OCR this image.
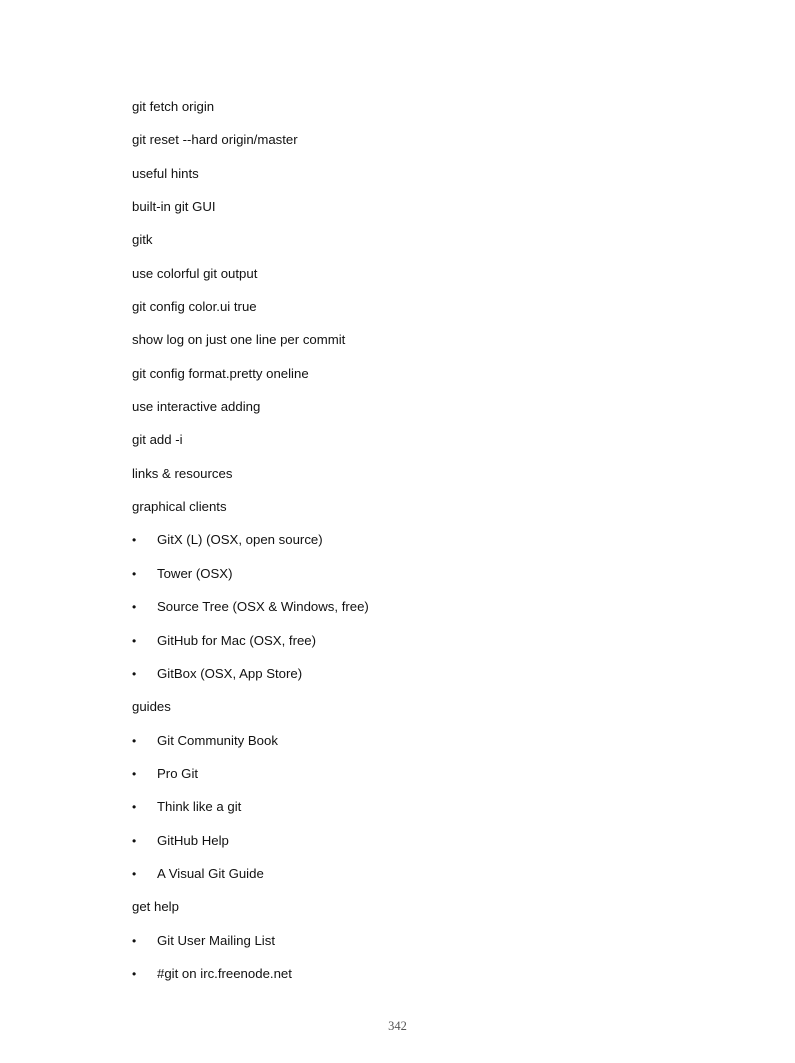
git fetch origin
git reset --hard origin/master
useful hints
built-in git GUI
gitk
use colorful git output
git config color.ui true
show log on just one line per commit
git config format.pretty oneline
use interactive adding
git add -i
links & resources
graphical clients
•	GitX (L) (OSX, open source)
•	Tower (OSX)
•	Source Tree (OSX & Windows, free)
•	GitHub for Mac (OSX, free)
•	GitBox (OSX, App Store)
guides
•	Git Community Book
•	Pro Git
•	Think like a git
•	GitHub Help
•	A Visual Git Guide
get help
•	Git User Mailing List
•	#git on irc.freenode.net
342
